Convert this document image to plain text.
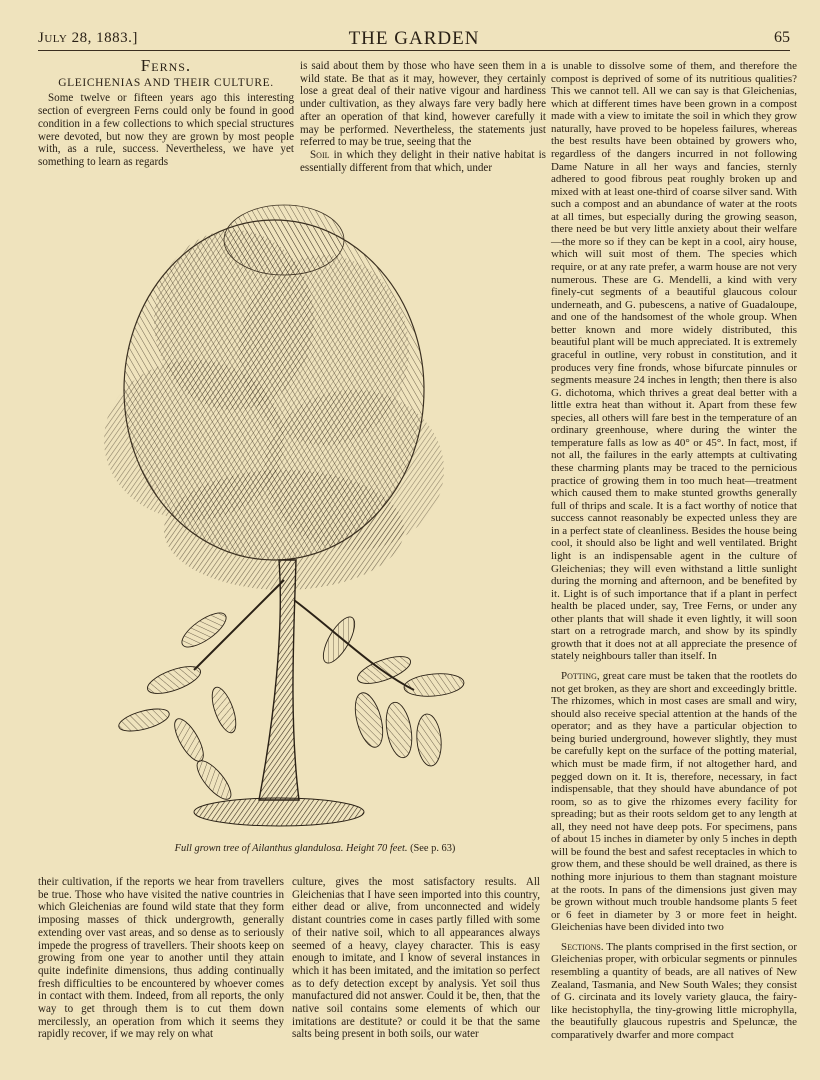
July 28, 1883.]	THE GARDEN	65
Ferns.
GLEICHENIAS AND THEIR CULTURE.

Some twelve or fifteen years ago this interesting section of evergreen Ferns could only be found in good condition in a few collections to which special structures were devoted, but now they are grown by most people with, as a rule, success. Nevertheless, we have yet something to learn as regards

is said about them by those who have seen them in a wild state. Be that as it may, however, they certainly lose a great deal of their native vigour and hardiness under cultivation, as they always fare very badly here after an operation of that kind, however carefully it may be performed. Nevertheless, the statements just referred to may be true, seeing that the

Soil in which they delight in their native habitat is essentially different from that which, under

is unable to dissolve some of them, and therefore the compost is deprived of some of its nutritious qualities? This we cannot tell. All we can say is that Gleichenias, which at different times have been grown in a compost made with a view to imitate the soil in which they grow naturally, have proved to be hopeless failures, whereas the best results have been obtained by growers who, regardless of the dangers incurred in not following Dame Nature in all her ways and fancies, sternly adhered to good fibrous peat roughly broken up and mixed with at least one-third of coarse silver sand. With such a compost and an abundance of water at the roots at all times, but especially during the growing season, there need be but very little anxiety about their welfare—the more so if they can be kept in a cool, airy house, which will suit most of them. The species which require, or at any rate prefer, a warm house are not very numerous. These are G. Mendelli, a kind with very finely-cut segments of a beautiful glaucous colour underneath, and G. pubescens, a native of Guadaloupe, and one of the handsomest of the whole group. When better known and more widely distributed, this beautiful plant will be much appreciated. It is extremely graceful in outline, very robust in constitution, and it produces very fine fronds, whose bifurcate pinnules or segments measure 24 inches in length; then there is also G. dichotoma, which thrives a great deal better with a little extra heat than without it. Apart from these few species, all others will fare best in the temperature of an ordinary greenhouse, where during the winter the temperature falls as low as 40° or 45°. In fact, most, if not all, the failures in the early attempts at cultivating these charming plants may be traced to the pernicious practice of growing them in too much heat—treatment which caused them to make stunted growths generally full of thrips and scale. It is a fact worthy of notice that success cannot reasonably be expected unless they are in a perfect state of cleanliness. Besides the house being cool, it should also be light and well ventilated. Bright light is an indispensable agent in the culture of Gleichenias; they will even withstand a little sunlight during the morning and afternoon, and be benefited by it. Light is of such importance that if a plant in perfect health be placed under, say, Tree Ferns, or under any other plants that will shade it even lightly, it will soon start on a retrograde march, and show by its spindly growth that it does not at all appreciate the presence of stately neighbours taller than itself. In

Potting, great care must be taken that the rootlets do not get broken, as they are short and exceedingly brittle. The rhizomes, which in most cases are small and wiry, should also receive special attention at the hands of the operator; and as they have a particular objection to being buried underground, however slightly, they must be carefully kept on the surface of the potting material, which must be made firm, if not altogether hard, and pegged down on it. It is, therefore, necessary, in fact indispensable, that they should have abundance of pot room, so as to give the rhizomes every facility for spreading; but as their roots seldom get to any length at all, they need not have deep pots. For specimens, pans of about 15 inches in diameter by only 5 inches in depth will be found the best and safest receptacles in which to grow them, and these should be well drained, as there is nothing more injurious to them than stagnant moisture at the roots. In pans of the dimensions just given may be grown without much trouble handsome plants 5 feet or 6 feet in diameter by 3 or more feet in height. Gleichenias have been divided into two

Sections. The plants comprised in the first section, or Gleichenias proper, with orbicular segments or pinnules resembling a quantity of beads, are all natives of New Zealand, Tasmania, and New South Wales; they consist of G. circinata and its lovely variety glauca, the fairy-like hecistophylla, the tiny-growing little microphylla, the beautifully glaucous rupestris and Speluncæ, the comparatively dwarfer and more compact

Full grown tree of Ailanthus glandulosa. Height 70 feet. (See p. 63)

their cultivation, if the reports we hear from travellers be true. Those who have visited the native countries in which Gleichenias are found wild state that they form imposing masses of thick undergrowth, generally extending over vast areas, and so dense as to seriously impede the progress of travellers. Their shoots keep on growing from one year to another until they attain quite indefinite dimensions, thus adding continually fresh difficulties to be encountered by whoever comes in contact with them. Indeed, from all reports, the only way to get through them is to cut them down mercilessly, an operation from which it seems they rapidly recover, if we may rely on what

culture, gives the most satisfactory results. All Gleichenias that I have seen imported into this country, either dead or alive, from unconnected and widely distant countries come in cases partly filled with some of their native soil, which to all appearances always seemed of a heavy, clayey character. This is easy enough to imitate, and I know of several instances in which it has been imitated, and the imitation so perfect as to defy detection except by analysis. Yet soil thus manufactured did not answer. Could it be, then, that the native soil contains some elements of which our imitations are destitute? or could it be that the same salts being present in both soils, our water
